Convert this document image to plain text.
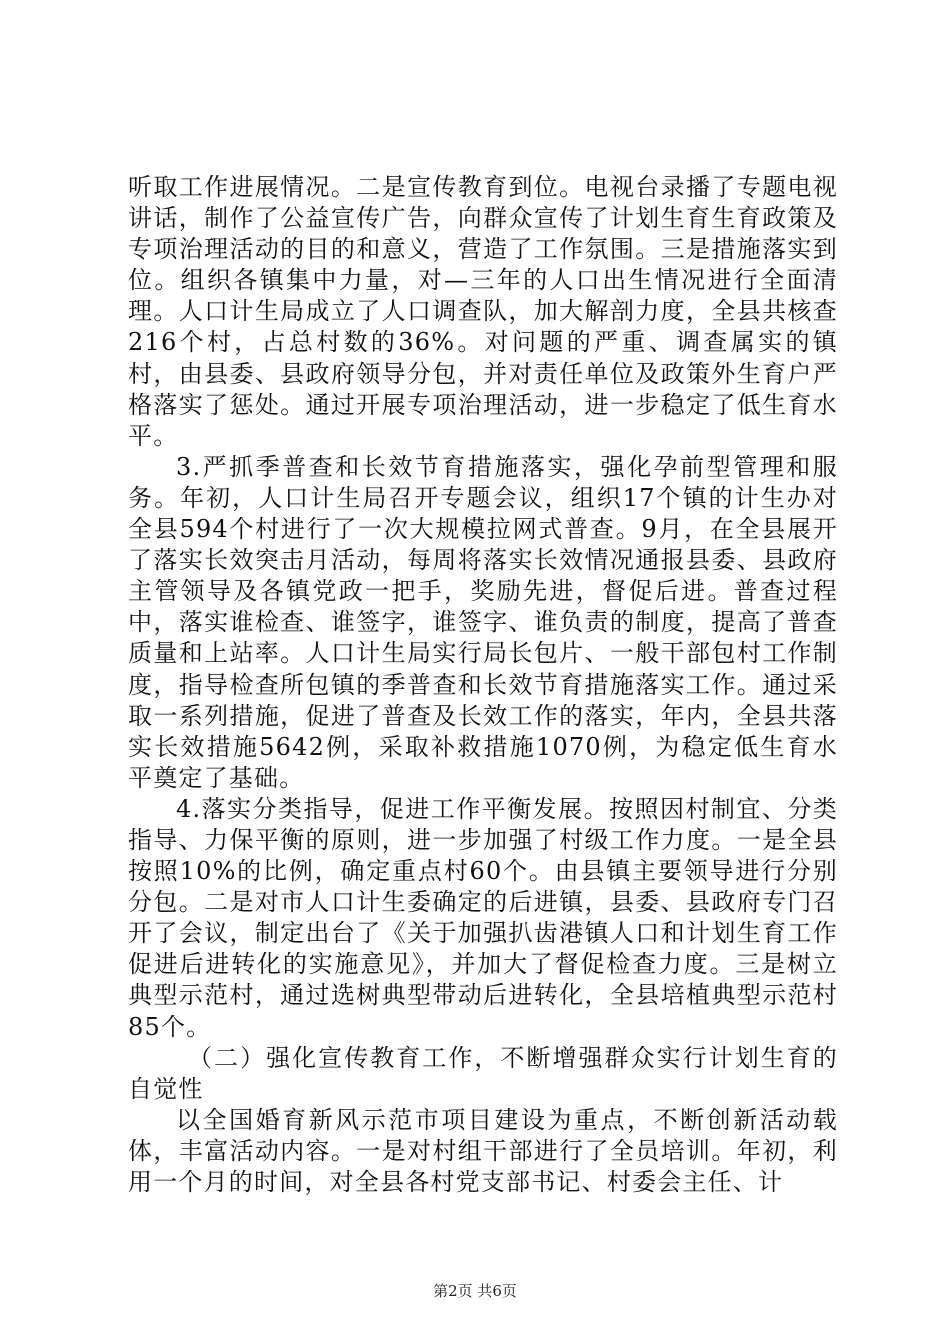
听取工作进展情况。二是宣传教育到位。电视台录播了专题电视讲话，制作了公益宣传广告，向群众宣传了计划生育生育政策及专项治理活动的目的和意义，营造了工作氛围。三是措施落实到位。组织各镇集中力量，对—三年的人口出生情况进行全面清理。人口计生局成立了人口调查队，加大解剖力度，全县共核查216个村，占总村数的36%。对问题的严重、调查属实的镇村，由县委、县政府领导分包，并对责任单位及政策外生育户严格落实了惩处。通过开展专项治理活动，进一步稳定了低生育水平。

3.严抓季普查和长效节育措施落实，强化孕前型管理和服务。年初，人口计生局召开专题会议，组织17个镇的计生办对全县594个村进行了一次大规模拉网式普查。9月，在全县展开了落实长效突击月活动，每周将落实长效情况通报县委、县政府主管领导及各镇党政一把手，奖励先进，督促后进。普查过程中，落实谁检查、谁签字，谁签字、谁负责的制度，提高了普查质量和上站率。人口计生局实行局长包片、一般干部包村工作制度，指导检查所包镇的季普查和长效节育措施落实工作。通过采取一系列措施，促进了普查及长效工作的落实，年内，全县共落实长效措施5642例，采取补救措施1070例，为稳定低生育水平奠定了基础。

4.落实分类指导，促进工作平衡发展。按照因村制宜、分类指导、力保平衡的原则，进一步加强了村级工作力度。一是全县按照10%的比例，确定重点村60个。由县镇主要领导进行分别分包。二是对市人口计生委确定的后进镇，县委、县政府专门召开了会议，制定出台了《关于加强扒齿港镇人口和计划生育工作促进后进转化的实施意见》，并加大了督促检查力度。三是树立典型示范村，通过选树典型带动后进转化，全县培植典型示范村85个。

（二）强化宣传教育工作，不断增强群众实行计划生育的自觉性

以全国婚育新风示范市项目建设为重点，不断创新活动载体，丰富活动内容。一是对村组干部进行了全员培训。年初，利用一个月的时间，对全县各村党支部书记、村委会主任、计

第2页 共6页
